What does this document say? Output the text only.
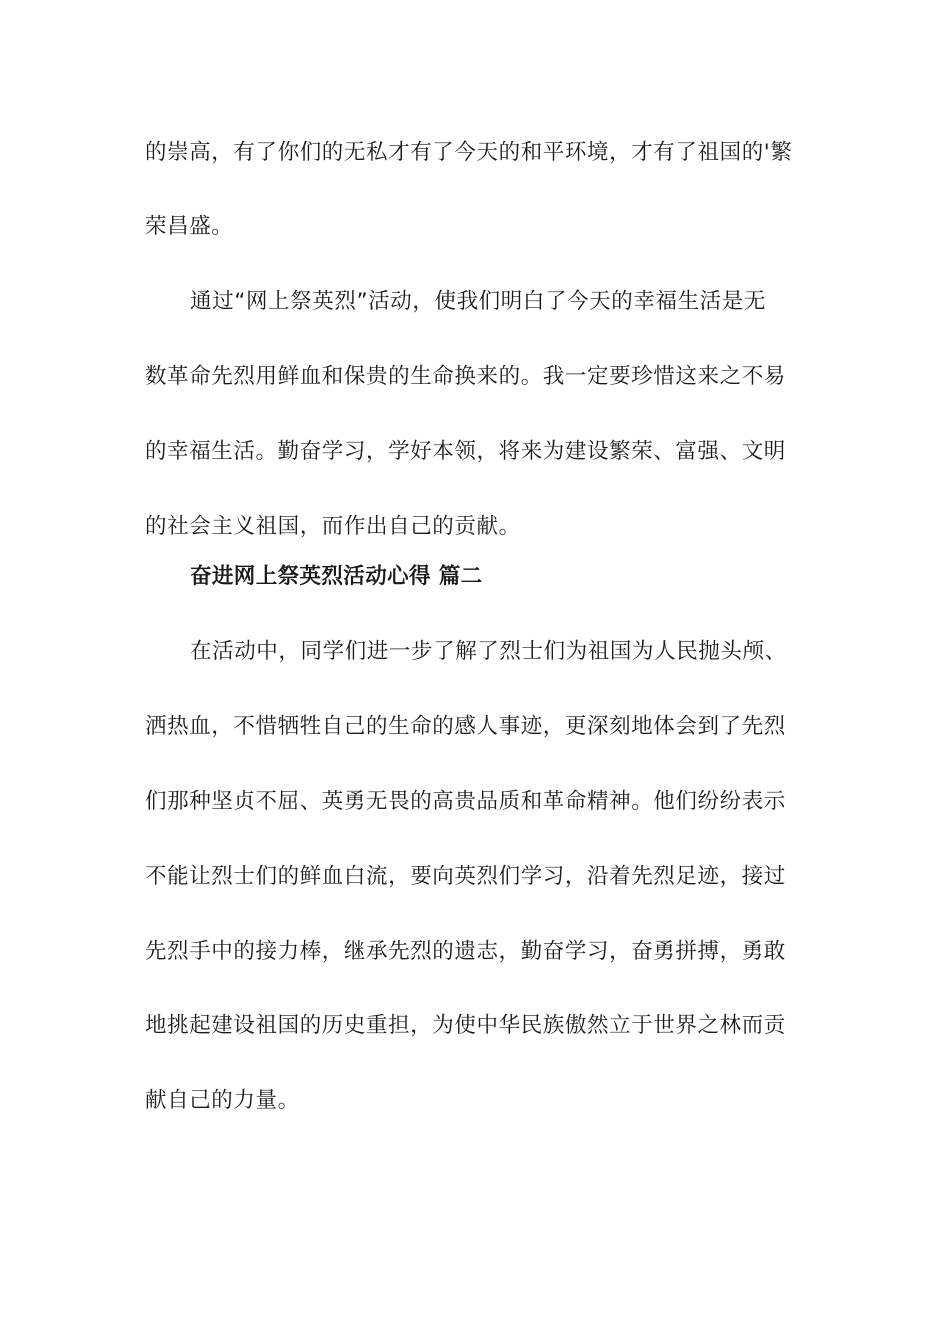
的崇高，有了你们的无私才有了今天的和平环境，才有了祖国的'繁
荣昌盛。
通过“网上祭英烈”活动，使我们明白了今天的幸福生活是无
数革命先烈用鲜血和保贵的生命换来的。我一定要珍惜这来之不易
的幸福生活。勤奋学习，学好本领，将来为建设繁荣、富强、文明
的社会主义祖国，而作出自己的贡献。
奋进网上祭英烈活动心得 篇二
在活动中，同学们进一步了解了烈士们为祖国为人民抛头颅、
洒热血，不惜牺牲自己的生命的感人事迹，更深刻地体会到了先烈
们那种坚贞不屈、英勇无畏的高贵品质和革命精神。他们纷纷表示
不能让烈士们的鲜血白流，要向英烈们学习，沿着先烈足迹，接过
先烈手中的接力棒，继承先烈的遗志，勤奋学习，奋勇拼搏，勇敢
地挑起建设祖国的历史重担，为使中华民族傲然立于世界之林而贡
献自己的力量。
